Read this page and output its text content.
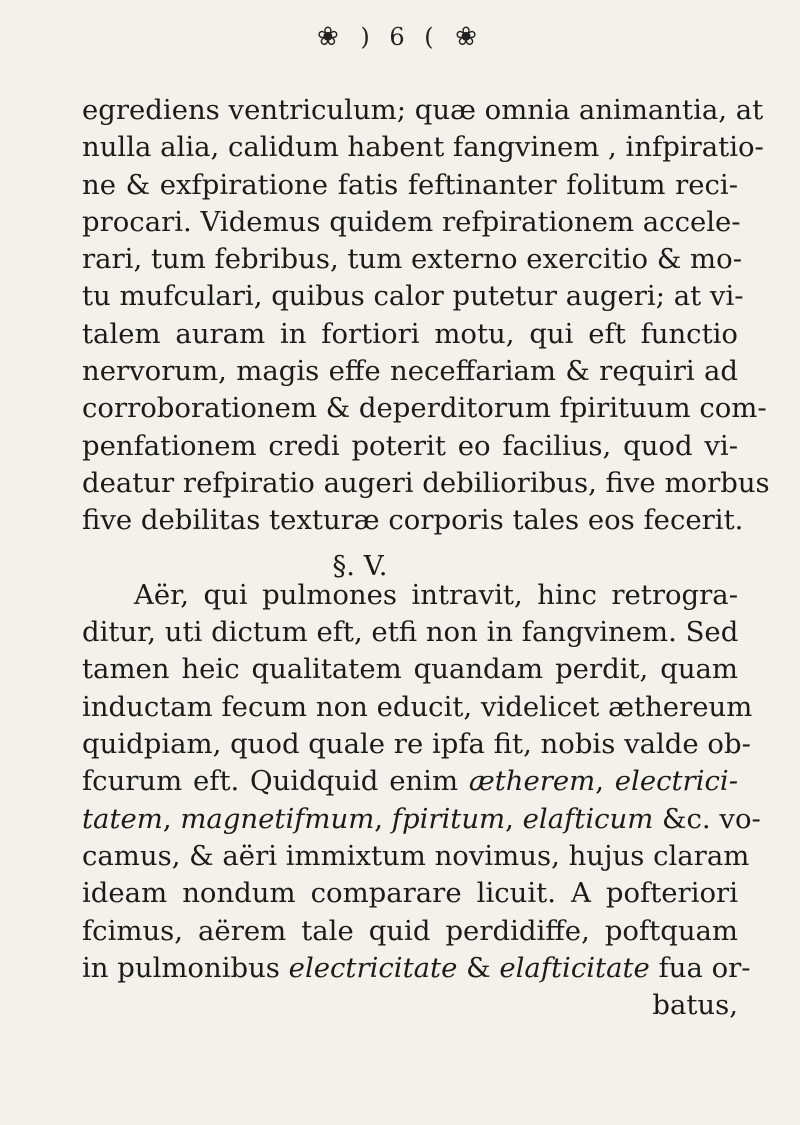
❀ ) 6 ( ❀
egrediens ventriculum; quæ omnia animantia, at
nulla alia, calidum habent fangvinem , infpiratio-
ne & exfpiratione fatis feftinanter folitum reci-
procari. Videmus quidem refpirationem accele-
rari, tum febribus, tum externo exercitio & mo-
tu mufculari, quibus calor putetur augeri; at vi-
talem auram in fortiori motu, qui eft functio
nervorum, magis effe neceffariam & requiri ad
corroborationem & deperditorum fpirituum com-
penfationem credi poterit eo facilius, quod vi-
deatur refpiratio augeri debilioribus, five morbus
five debilitas texturæ corporis tales eos fecerit.
§. V.
Aër, qui pulmones intravit, hinc retrogra-
ditur, uti dictum eft, etfi non in fangvinem. Sed
tamen heic qualitatem quandam perdit, quam
inductam fecum non educit, videlicet æthereum
quidpiam, quod quale re ipfa fit, nobis valde ob-
fcurum eft. Quidquid enim ætherem, electrici-
tatem, magnetifmum, fpiritum, elafticum &c. vo-
camus, & aëri immixtum novimus, hujus claram
ideam nondum comparare licuit. A pofteriori
fcimus, aërem tale quid perdidiffe, poftquam
in pulmonibus electricitate & elafticitate fua or-
batus,
